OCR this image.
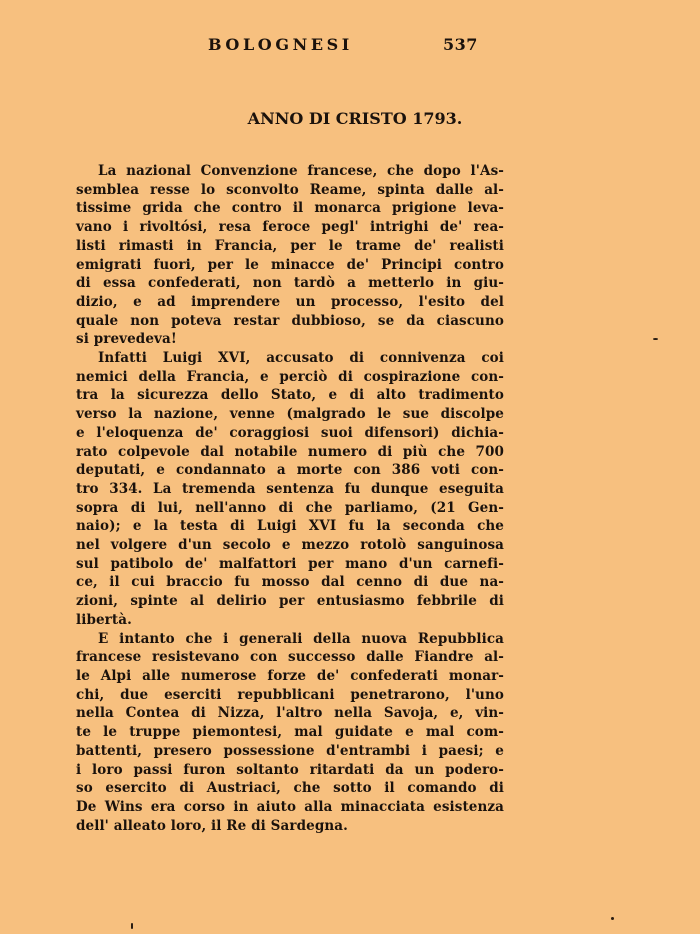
BOLOGNESI	537
ANNO DI CRISTO 1793.
La nazional Convenzione francese, che dopo l'As-
semblea resse lo sconvolto Reame, spinta dalle al-
tissime grida che contro il monarca prigione leva-
vano i rivoltósi, resa feroce pegl' intrighi de' rea-
listi rimasti in Francia, per le trame de' realisti
emigrati fuori, per le minacce de' Principi contro
di essa confederati, non tardò a metterlo in giu-
dizio, e ad imprendere un processo, l'esito del
quale non poteva restar dubbioso, se da ciascuno
si prevedeva!
Infatti Luigi XVI, accusato di connivenza coi
nemici della Francia, e perciò di cospirazione con-
tra la sicurezza dello Stato, e di alto tradimento
verso la nazione, venne (malgrado le sue discolpe
e l'eloquenza de' coraggiosi suoi difensori) dichia-
rato colpevole dal notabile numero di più che 700
deputati, e condannato a morte con 386 voti con-
tro 334. La tremenda sentenza fu dunque eseguita
sopra di lui, nell'anno di che parliamo, (21 Gen-
naio); e la testa di Luigi XVI fu la seconda che
nel volgere d'un secolo e mezzo rotolò sanguinosa
sul patibolo de' malfattori per mano d'un carnefi-
ce, il cui braccio fu mosso dal cenno di due na-
zioni, spinte al delirio per entusiasmo febbrile di
libertà.
E intanto che i generali della nuova Repubblica
francese resistevano con successo dalle Fiandre al-
le Alpi alle numerose forze de' confederati monar-
chi, due eserciti repubblicani penetrarono, l'uno
nella Contea di Nizza, l'altro nella Savoja, e, vin-
te le truppe piemontesi, mal guidate e mal com-
battenti, presero possessione d'entrambi i paesi; e
i loro passi furon soltanto ritardati da un podero-
so esercito di Austriaci, che sotto il comando di
De Wins era corso in aiuto alla minacciata esistenza
dell' alleato loro, il Re di Sardegna.
